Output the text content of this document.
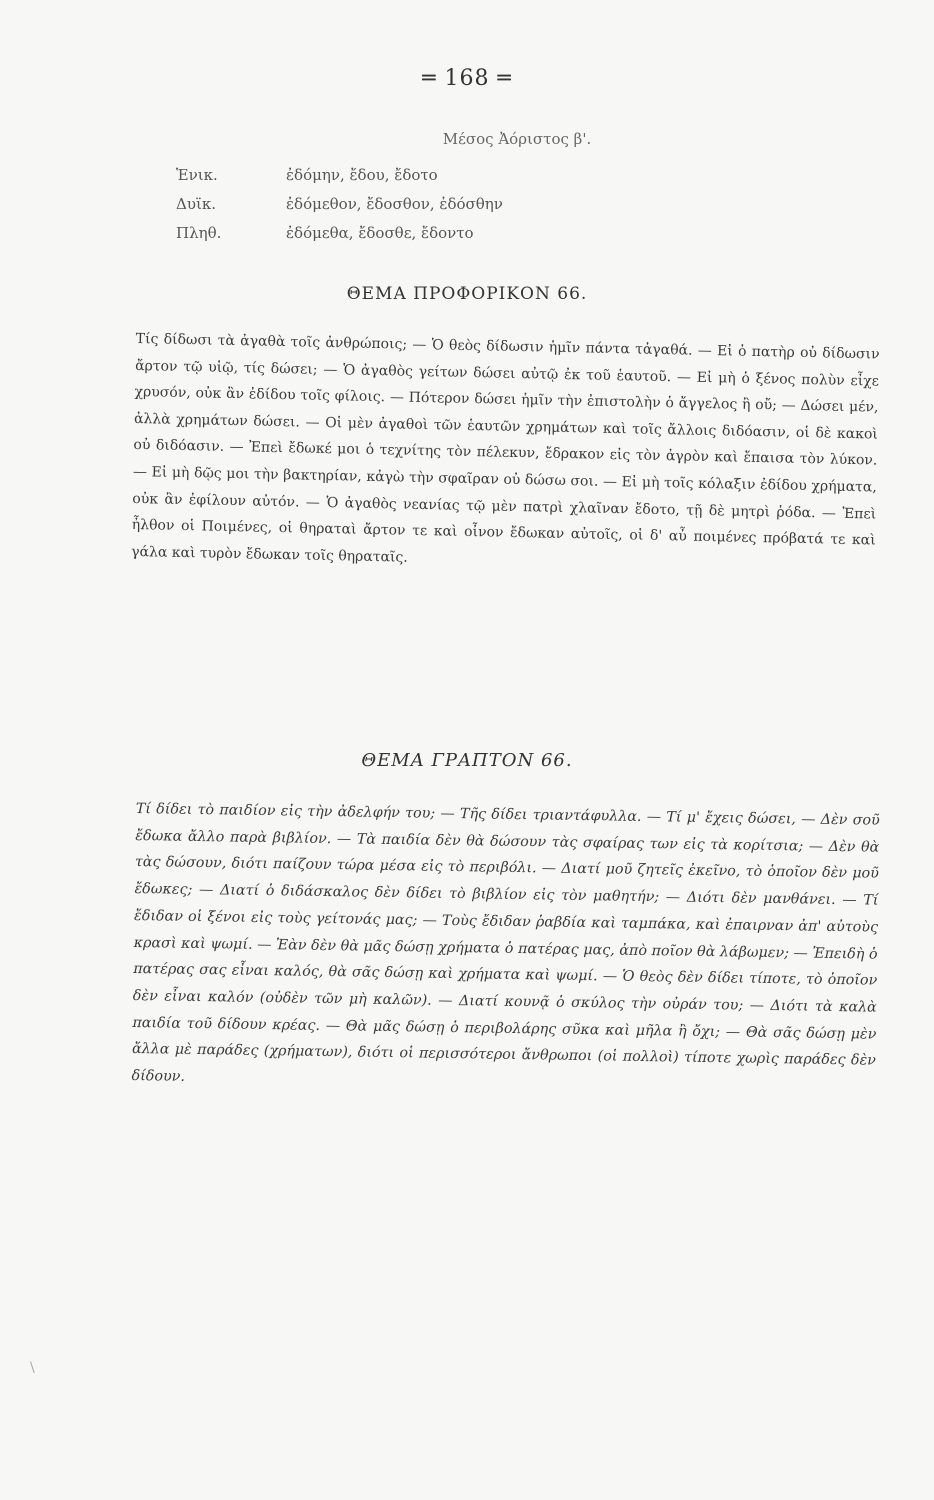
═ 168 ═
Μέσος Ἀόριστος β'.
Ἑνικ.	ἐδόμην, ἔδου, ἔδοτο
Δυϊκ.	ἐδόμεθον, ἔδοσθον, ἐδόσθην
Πληθ.	ἐδόμεθα, ἔδοσθε, ἔδοντο
ΘΕΜΑ ΠΡΟΦΟΡΙΚΟΝ 66.
Τίς δίδωσι τὰ ἀγαθὰ τοῖς ἀνθρώποις; — Ὁ θεὸς δίδωσιν ἡμῖν πάντα τἀγαθά. — Εἰ ὁ πατὴρ οὐ δίδωσιν ἄρτον τῷ υἱῷ, τίς δώσει; — Ὁ ἀγαθὸς γείτων δώσει αὐτῷ ἐκ τοῦ ἑαυτοῦ. — Εἰ μὴ ὁ ξένος πολὺν εἶχε χρυσόν, οὐκ ἂν ἐδίδου τοῖς φίλοις. — Πότερον δώσει ἡμῖν τὴν ἐπιστολὴν ὁ ἄγγελος ἢ οὔ; — Δώσει μέν, ἀλλὰ χρημάτων δώσει. — Οἱ μὲν ἀγαθοὶ τῶν ἑαυτῶν χρημάτων καὶ τοῖς ἄλλοις διδόασιν, οἱ δὲ κακοὶ οὐ διδόασιν. — Ἐπεὶ ἔδωκέ μοι ὁ τεχνίτης τὸν πέλεκυν, ἔδρακον εἰς τὸν ἀγρὸν καὶ ἔπαισα τὸν λύκον. — Εἰ μὴ δῷς μοι τὴν βακτηρίαν, κἀγὼ τὴν σφαῖραν οὐ δώσω σοι. — Εἰ μὴ τοῖς κόλαξιν ἐδίδου χρήματα, οὐκ ἂν ἐφίλουν αὐτόν. — Ὁ ἀγαθὸς νεανίας τῷ μὲν πατρὶ χλαῖναν ἔδοτο, τῇ δὲ μητρὶ ῥόδα. — Ἐπεὶ ἦλθον οἱ Ποιμένες, οἱ θηραταὶ ἄρτον τε καὶ οἶνον ἔδωκαν αὐτοῖς, οἱ δ' αὖ ποιμένες πρόβατά τε καὶ γάλα καὶ τυρὸν ἔδωκαν τοῖς θηραταῖς.
ΘΕΜΑ ΓΡΑΠΤΟΝ 66.
Τί δίδει τὸ παιδίον εἰς τὴν ἀδελφήν του; — Τῆς δίδει τριαντάφυλλα. — Τί μ' ἔχεις δώσει, — Δὲν σοῦ ἔδωκα ἄλλο παρὰ βιβλίον. — Τὰ παιδία δὲν θὰ δώσουν τὰς σφαίρας των εἰς τὰ κορίτσια; — Δὲν θὰ τὰς δώσουν, διότι παίζουν τώρα μέσα εἰς τὸ περιβόλι. — Διατί μοῦ ζητεῖς ἐκεῖνο, τὸ ὁποῖον δὲν μοῦ ἔδωκες; — Διατί ὁ διδάσκαλος δὲν δίδει τὸ βιβλίον εἰς τὸν μαθητήν; — Διότι δὲν μανθάνει. — Τί ἔδιδαν οἱ ξένοι εἰς τοὺς γείτονάς μας; — Τοὺς ἔδιδαν ῥαβδία καὶ ταμπάκα, καὶ ἐπαιρναν ἀπ' αὐτοὺς κρασὶ καὶ ψωμί. — Ἐὰν δὲν θὰ μᾶς δώσῃ χρήματα ὁ πατέρας μας, ἀπὸ ποῖον θὰ λάβωμεν; — Ἐπειδὴ ὁ πατέρας σας εἶναι καλός, θὰ σᾶς δώσῃ καὶ χρήματα καὶ ψωμί. — Ὁ θεὸς δὲν δίδει τίποτε, τὸ ὁποῖον δὲν εἶναι καλόν (οὐδὲν τῶν μὴ καλῶν). — Διατί κουνᾷ ὁ σκύλος τὴν οὐράν του; — Διότι τὰ καλὰ παιδία τοῦ δίδουν κρέας. — Θὰ μᾶς δώσῃ ὁ περιβολάρης σῦκα καὶ μῆλα ἢ ὄχι; — Θὰ σᾶς δώσῃ μὲν ἄλλα μὲ παράδες (χρήματων), διότι οἱ περισσότεροι ἄνθρωποι (οἱ πολλοὶ) τίποτε χωρὶς παράδες δὲν δίδουν.
\
